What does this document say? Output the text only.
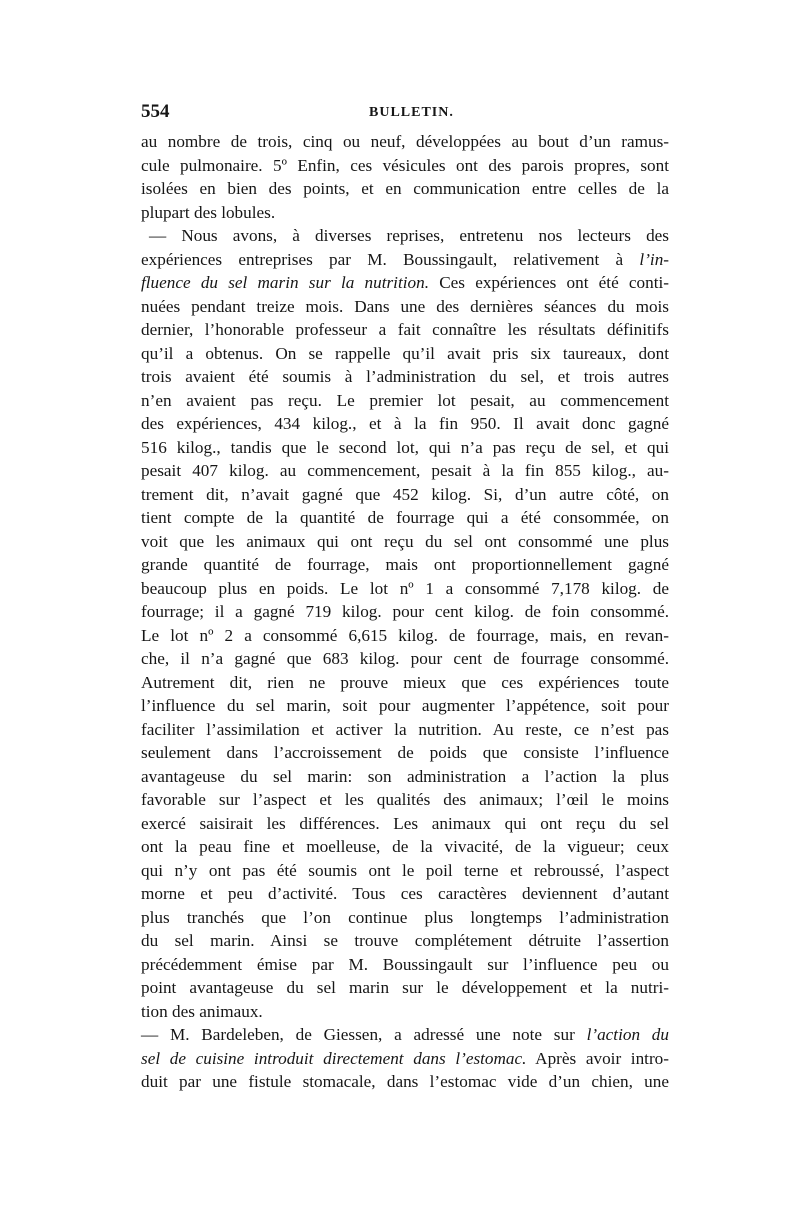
554	BULLETIN.
au nombre de trois, cinq ou neuf, développées au bout d’un ramus-
cule pulmonaire. 5º Enfin, ces vésicules ont des parois propres, sont
isolées en bien des points, et en communication entre celles de la
plupart des lobules.
— Nous avons, à diverses reprises, entretenu nos lecteurs des
expériences entreprises par M. Boussingault, relativement à l’in-
fluence du sel marin sur la nutrition. Ces expériences ont été conti-
nuées pendant treize mois. Dans une des dernières séances du mois
dernier, l’honorable professeur a fait connaître les résultats définitifs
qu’il a obtenus. On se rappelle qu’il avait pris six taureaux, dont
trois avaient été soumis à l’administration du sel, et trois autres
n’en avaient pas reçu. Le premier lot pesait, au commencement
des expériences, 434 kilog., et à la fin 950. Il avait donc gagné
516 kilog., tandis que le second lot, qui n’a pas reçu de sel, et qui
pesait 407 kilog. au commencement, pesait à la fin 855 kilog., au-
trement dit, n’avait gagné que 452 kilog. Si, d’un autre côté, on
tient compte de la quantité de fourrage qui a été consommée, on
voit que les animaux qui ont reçu du sel ont consommé une plus
grande quantité de fourrage, mais ont proportionnellement gagné
beaucoup plus en poids. Le lot nº 1 a consommé 7,178 kilog. de
fourrage; il a gagné 719 kilog. pour cent kilog. de foin consommé.
Le lot nº 2 a consommé 6,615 kilog. de fourrage, mais, en revan-
che, il n’a gagné que 683 kilog. pour cent de fourrage consommé.
Autrement dit, rien ne prouve mieux que ces expériences toute
l’influence du sel marin, soit pour augmenter l’appétence, soit pour
faciliter l’assimilation et activer la nutrition. Au reste, ce n’est pas
seulement dans l’accroissement de poids que consiste l’influence
avantageuse du sel marin: son administration a l’action la plus
favorable sur l’aspect et les qualités des animaux; l’œil le moins
exercé saisirait les différences. Les animaux qui ont reçu du sel
ont la peau fine et moelleuse, de la vivacité, de la vigueur; ceux
qui n’y ont pas été soumis ont le poil terne et rebroussé, l’aspect
morne et peu d’activité. Tous ces caractères deviennent d’autant
plus tranchés que l’on continue plus longtemps l’administration
du sel marin. Ainsi se trouve complétement détruite l’assertion
précédemment émise par M. Boussingault sur l’influence peu ou
point avantageuse du sel marin sur le développement et la nutri-
tion des animaux.
— M. Bardeleben, de Giessen, a adressé une note sur l’action du
sel de cuisine introduit directement dans l’estomac. Après avoir intro-
duit par une fistule stomacale, dans l’estomac vide d’un chien, une
